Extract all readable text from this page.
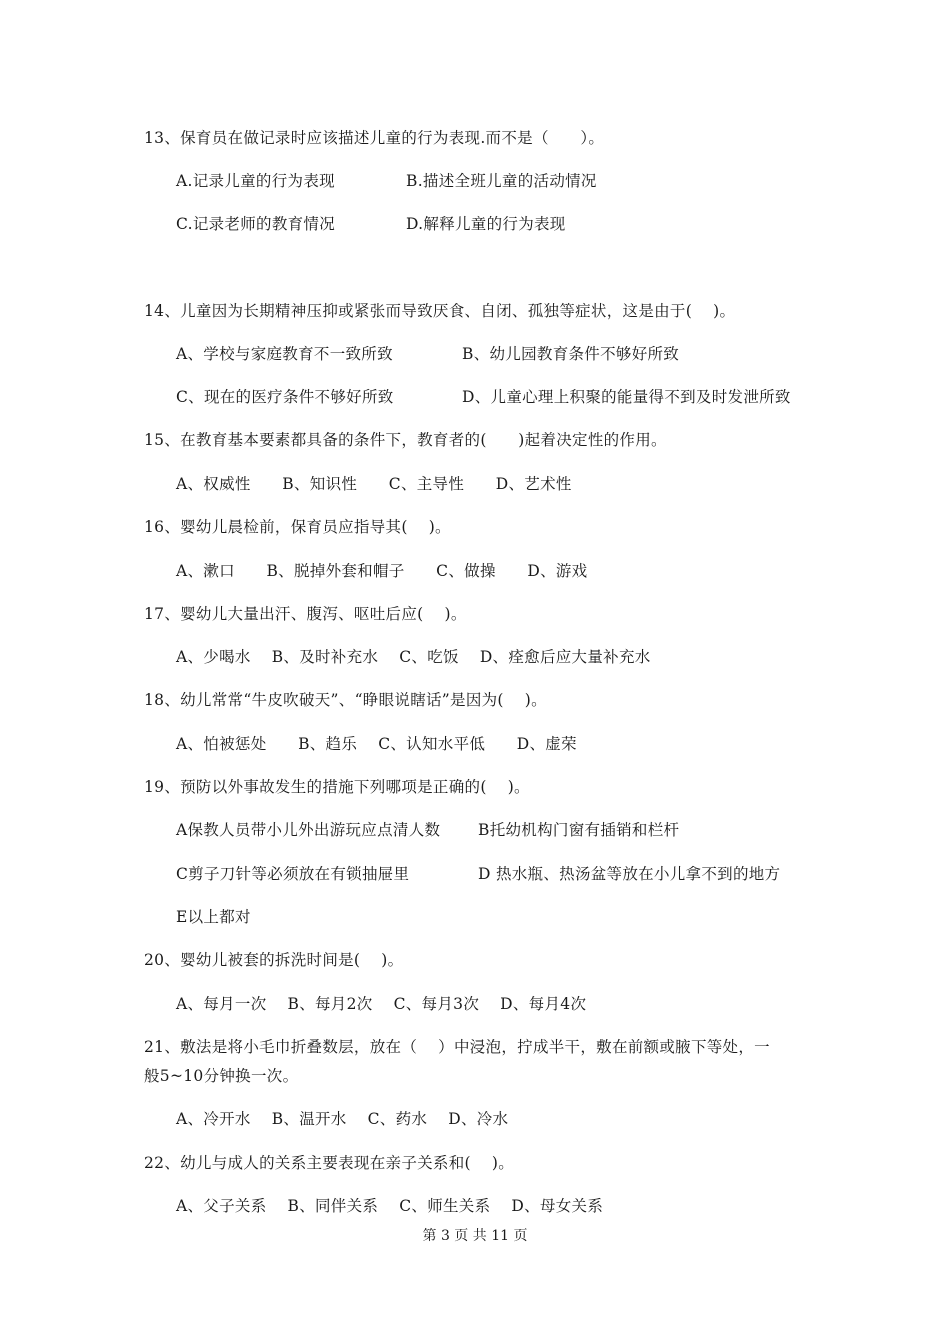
13、保育员在做记录时应该描述儿童的行为表现.而不是（　　）。
A.记录儿童的行为表现	B.描述全班儿童的活动情况
C.记录老师的教育情况	D.解释儿童的行为表现
14、儿童因为长期精神压抑或紧张而导致厌食、自闭、孤独等症状，这是由于(　 )。
A、学校与家庭教育不一致所致	B、幼儿园教育条件不够好所致
C、现在的医疗条件不够好所致	D、儿童心理上积聚的能量得不到及时发泄所致
15、在教育基本要素都具备的条件下，教育者的(　　)起着决定性的作用。
A、权威性　　B、知识性　　C、主导性　　D、艺术性
16、婴幼儿晨检前，保育员应指导其(　 )。
A、漱口　　B、脱掉外套和帽子　　C、做操　　D、游戏
17、婴幼儿大量出汗、腹泻、呕吐后应(　 )。
A、少喝水　 B、及时补充水　 C、吃饭　 D、痊愈后应大量补充水
18、幼儿常常“牛皮吹破天”、“睁眼说瞎话”是因为(　 )。
A、怕被惩处　　B、趋乐　 C、认知水平低　　D、虚荣
19、预防以外事故发生的措施下列哪项是正确的(　 )。
A保教人员带小儿外出游玩应点清人数 B托幼机构门窗有插销和栏杆
C剪子刀针等必须放在有锁抽屉里	D 热水瓶、热汤盆等放在小儿拿不到的地方
E以上都对
20、婴幼儿被套的拆洗时间是(　 )。
A、每月一次　 B、每月2次　 C、每月3次　 D、每月4次
21、敷法是将小毛巾折叠数层，放在（　 ）中浸泡，拧成半干，敷在前额或腋下等处，一
般5~10分钟换一次。
A、冷开水　 B、温开水　 C、药水　 D、冷水
22、幼儿与成人的关系主要表现在亲子关系和(　 )。
A、父子关系　 B、同伴关系　 C、师生关系　 D、母女关系
第 3 页 共 11 页
